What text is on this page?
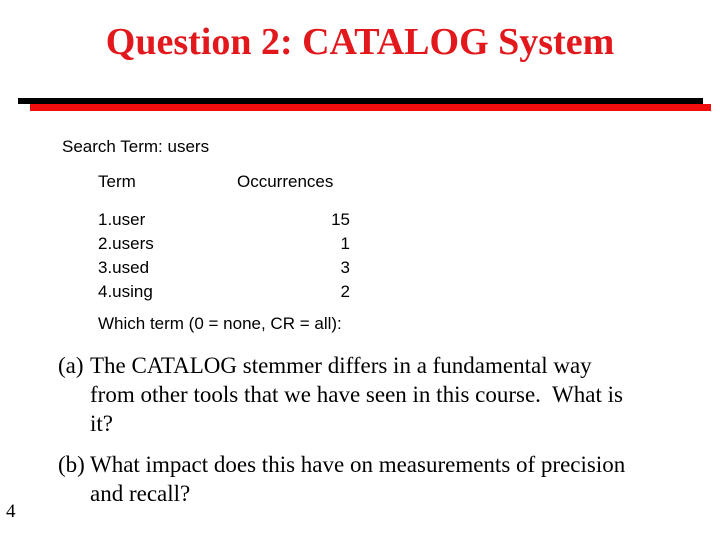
Question 2: CATALOG System
Search Term: users
Term	Occurrences
1.user	15
2.users	1
3.used	3
4.using	2
Which term (0 = none, CR = all):
(a) The CATALOG stemmer differs in a fundamental way
from other tools that we have seen in this course.  What is
it?
(b) What impact does this have on measurements of precision
and recall?
4
